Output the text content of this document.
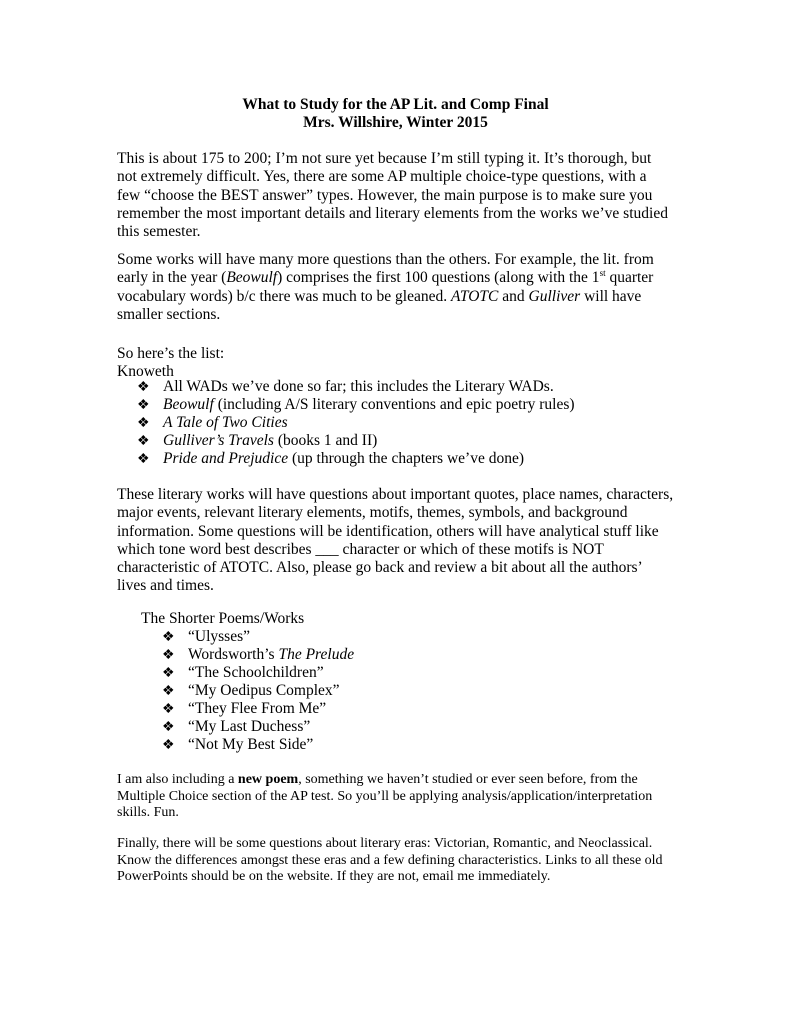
What to Study for the AP Lit. and Comp Final
Mrs. Willshire, Winter 2015
This is about 175 to 200; I’m not sure yet because I’m still typing it. It’s thorough, but
not extremely difficult. Yes, there are some AP multiple choice-type questions, with a
few “choose the BEST answer” types. However, the main purpose is to make sure you
remember the most important details and literary elements from the works we’ve studied
this semester.
Some works will have many more questions than the others. For example, the lit. from
early in the year (Beowulf) comprises the first 100 questions (along with the 1st quarter
vocabulary words) b/c there was much to be gleaned. ATOTC and Gulliver will have
smaller sections.
So here’s the list:
Knoweth
❖ All WADs we’ve done so far; this includes the Literary WADs.
❖ Beowulf (including A/S literary conventions and epic poetry rules)
❖ A Tale of Two Cities
❖ Gulliver’s Travels (books 1 and II)
❖ Pride and Prejudice (up through the chapters we’ve done)
These literary works will have questions about important quotes, place names, characters,
major events, relevant literary elements, motifs, themes, symbols, and background
information. Some questions will be identification, others will have analytical stuff like
which tone word best describes ___ character or which of these motifs is NOT
characteristic of ATOTC. Also, please go back and review a bit about all the authors’
lives and times.
The Shorter Poems/Works
❖ “Ulysses”
❖ Wordsworth’s The Prelude
❖ “The Schoolchildren”
❖ “My Oedipus Complex”
❖ “They Flee From Me”
❖ “My Last Duchess”
❖ “Not My Best Side”
I am also including a new poem, something we haven’t studied or ever seen before, from the
Multiple Choice section of the AP test. So you’ll be applying analysis/application/interpretation
skills. Fun.
Finally, there will be some questions about literary eras: Victorian, Romantic, and Neoclassical.
Know the differences amongst these eras and a few defining characteristics. Links to all these old
PowerPoints should be on the website. If they are not, email me immediately.
